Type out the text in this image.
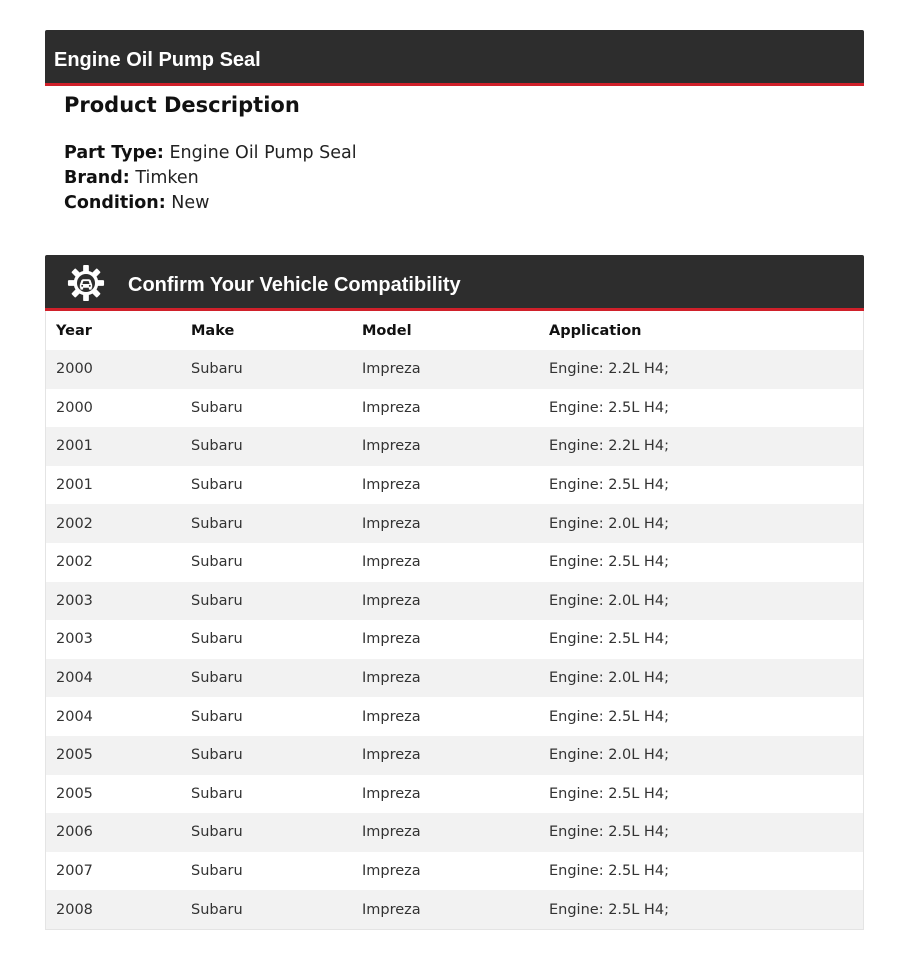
Engine Oil Pump Seal
Product Description
Part Type: Engine Oil Pump Seal
Brand: Timken
Condition: New
Confirm Your Vehicle Compatibility
Year	Make	Model	Application
2000	Subaru	Impreza	Engine: 2.2L H4;
2000	Subaru	Impreza	Engine: 2.5L H4;
2001	Subaru	Impreza	Engine: 2.2L H4;
2001	Subaru	Impreza	Engine: 2.5L H4;
2002	Subaru	Impreza	Engine: 2.0L H4;
2002	Subaru	Impreza	Engine: 2.5L H4;
2003	Subaru	Impreza	Engine: 2.0L H4;
2003	Subaru	Impreza	Engine: 2.5L H4;
2004	Subaru	Impreza	Engine: 2.0L H4;
2004	Subaru	Impreza	Engine: 2.5L H4;
2005	Subaru	Impreza	Engine: 2.0L H4;
2005	Subaru	Impreza	Engine: 2.5L H4;
2006	Subaru	Impreza	Engine: 2.5L H4;
2007	Subaru	Impreza	Engine: 2.5L H4;
2008	Subaru	Impreza	Engine: 2.5L H4;
